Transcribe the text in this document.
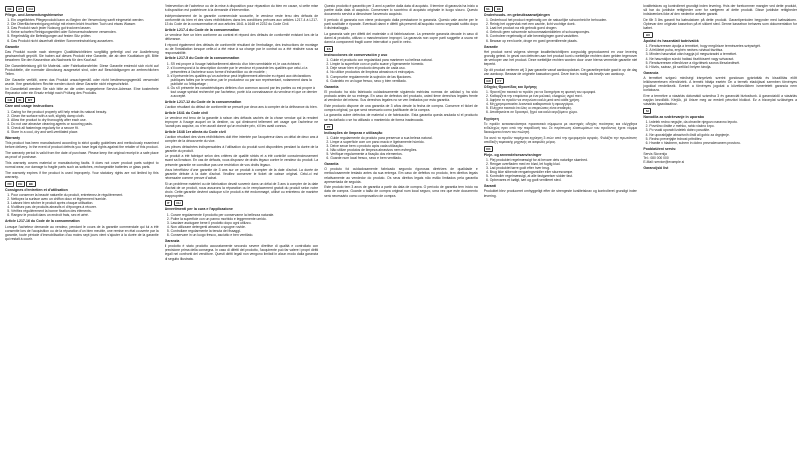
DE	AT	CH
Pflege- und Anwendungshinweise
1. Ein ungefärbtes Pflegeprodukt kann zu Beginn der Verwendung sanft eingesetzt werden.
2. Die Oberflächenreinigung erfolgt mit einem leicht feuchten Tuch und etwas Wasser.
3. Das Produkt nach jeder Nutzung gut trocknen lassen.
4. Keine scharfen Reinigungsmittel oder Scheuerschwämme verwenden.
5. Regelmäßig die Befestigungen auf festen Sitz prüfen.
6. Das Produkt nicht dauerhaft direkter Sonneneinstrahlung aussetzen.
Garantie

Das Produkt wurde nach strengen Qualitätsrichtlinien sorgfältig gefertigt und vor Auslieferung gewissenhaft geprüft. Sie haben auf dieses Produkt eine Garantie, die ab dem Kaufdatum gilt. Bitte bewahren Sie den Kassenbon als Nachweis für den Kauf auf.

Die Garantieleistung gilt für Material- oder Fabrikationsfehler. Diese Garantie erstreckt sich nicht auf Produktteile, die normaler Abnutzung ausgesetzt sind, oder auf Beschädigungen an zerbrechlichen Teilen.

Die Garantie verfällt, wenn das Produkt unsachgemäß oder nicht bestimmungsgemäß verwendet wurde. Ihre gesetzlichen Rechte werden durch diese Garantie nicht eingeschränkt.

Im Garantiefall wenden Sie sich bitte an die unten angegebene Service-Adresse. Eine kostenfreie Reparatur oder ein Ersatz erfolgt nach Prüfung des Produkts.

GB	IE	MT
Care and usage instructions
1. Caring for the product properly will help retain its natural beauty.
2. Clean the surface with a soft, slightly damp cloth.
3. Allow the product to dry thoroughly after each use.
4. Do not use abrasive cleaning agents or scouring pads.
5. Check all fastenings regularly for a secure fit.
6. Store in a cool, dry and well-ventilated place.
Warranty

This product has been manufactured according to strict quality guidelines and meticulously examined before delivery. In the event of product defects you have legal rights against the retailer of this product.

The warranty period is valid from the date of purchase. Please keep the original receipt in a safe place as proof of purchase.

This warranty covers material or manufacturing faults. It does not cover product parts subject to normal wear, nor damage to fragile parts such as switches, rechargeable batteries or glass parts.

The warranty expires if the product is used improperly. Your statutory rights are not limited by this warranty.

FR	CH	BE
Consignes d'entretien et d'utilisation
1. Pour conserver la beauté naturelle du produit, entretenez-le régulièrement.
2. Nettoyez la surface avec un chiffon doux et légèrement humide.
3. Laissez bien sécher le produit après chaque utilisation.
4. N'utilisez pas de produits abrasifs ni d'éponges à récurer.
5. Vérifiez régulièrement la bonne fixation des éléments.
6. Rangez le produit dans un endroit frais, sec et aéré.
Article L217-16 du Code de la consommation

Lorsque l'acheteur demande au vendeur, pendant le cours de la garantie commerciale qui lui a été consentie lors de l'acquisition ou de la réparation d'un bien meuble, une remise en état couverte par la garantie, toute période d'immobilisation d'au moins sept jours vient s'ajouter à la durée de la garantie qui restait à courir.

l'intervention de l'acheteur ou de la mise à disposition pour réparation du bien en cause, si cette mise à disposition est postérieure à la demande d'intervention.

Indépendamment de la garantie commerciale souscrite, le vendeur reste tenu des défauts de conformité du bien et des vices rédhibitoires dans les conditions prévues aux articles L217-4 à L217-13 du Code de la consommation et aux articles 1641 à 1648 et 2232 du Code Civil.

Article L217-4 du Code de la consommation

Le vendeur livre un bien conforme au contrat et répond des défauts de conformité existant lors de la délivrance.

Il répond également des défauts de conformité résultant de l'emballage, des instructions de montage ou de l'installation lorsque celle-ci a été mise à sa charge par le contrat ou a été réalisée sous sa responsabilité.

Article L217-5 du Code de la consommation
1. S'il est propre à l'usage habituellement attendu d'un bien semblable et, le cas échéant :
2. s'il correspond à la description donnée par le vendeur et possède les qualités que celui-ci a présentées à l'acheteur sous forme d'échantillon ou de modèle ;
3. s'il présente les qualités qu'un acheteur peut légitimement attendre eu égard aux déclarations publiques faites par le vendeur, par le producteur ou par son représentant, notamment dans la publicité ou l'étiquetage ;
4. Ou s'il présente les caractéristiques définies d'un commun accord par les parties ou est propre à tout usage spécial recherché par l'acheteur, porté à la connaissance du vendeur et que ce dernier a accepté.
Article L217-12 du Code de la consommation

L'action résultant du défaut de conformité se prescrit par deux ans à compter de la délivrance du bien.

Article 1641 du Code civil

Le vendeur est tenu de la garantie à raison des défauts cachés de la chose vendue qui la rendent impropre à l'usage auquel on la destine, ou qui diminuent tellement cet usage que l'acheteur ne l'aurait pas acquise, ou n'en aurait donné qu'un moindre prix, s'il les avait connus.

Article 1648 1er alinéa du Code civil

L'action résultant des vices rédhibitoires doit être intentée par l'acquéreur dans un délai de deux ans à compter de la découverte du vice.

Les pièces détachées indispensables à l'utilisation du produit sont disponibles pendant la durée de la garantie du produit.

Le produit a été fabriqué selon des critères de qualité stricts et a été contrôlé consciencieusement avant sa livraison. En cas de défauts, vous disposez de droits légaux contre le vendeur du produit. La présente garantie ne constitue pas une restriction de vos droits légaux.

Vous bénéficiez d'une garantie de 3 ans sur ce produit à compter de la date d'achat. La durée de garantie débute à la date d'achat. Veuillez conserver le ticket de caisse original. Celui-ci est nécessaire comme preuve d'achat.

Si un problème matériel ou de fabrication devait survenir dans un délai de 3 ans à compter de la date d'achat de ce produit, nous assurons la réparation ou le remplacement gratuit du produit selon notre choix. Cette garantie devient caduque si le produit a été endommagé, utilisé ou entretenu de manière inappropriée.

IT	CH
Avvertimenti per la cura e l'applicazione
1. Curare regolarmente il prodotto per conservarne la bellezza naturale.
2. Pulire la superficie con un panno morbido e leggermente umido.
3. Lasciare asciugare bene il prodotto dopo ogni utilizzo.
4. Non utilizzare detergenti abrasivi o spugne ruvide.
5. Controllare regolarmente la tenuta dei fissaggi.
6. Conservare in un luogo fresco, asciutto e ben ventilato.
Garanzia

Il prodotto è stato prodotto accuratamente secondo severe direttive di qualità e controllato con precisione prima della consegna. In caso di difetti del prodotto, l'acquirente può far valere i propri diritti legali nei confronti del venditore. Questi diritti legali non vengono limitati in alcun modo dalla garanzia di seguito illustrata.

Questo prodotto è garantito per 3 anni a partire dalla data di acquisto. Il termine di garanzia ha inizio a partire dalla data di acquisto. Conservare lo scontrino di acquisto originale in luogo sicuro. Questo documento servirà a dimostrare l'avvenuto acquisto.

Il periodo di garanzia non viene prolungato dalla prestazione in garanzia. Questo vale anche per le parti sostituite e riparate. Eventuali danni e difetti già presenti all'acquisto vanno segnalati subito dopo il disimballaggio.

La garanzia vale per difetti del materiale o di fabbricazione. La presente garanzia decade in caso di danni al prodotto, utilizzo o manutenzione impropri. La garanzia non copre parti soggette a usura né danni a componenti fragili come interruttori o parti in vetro.

ES
Instrucciones de conservación y uso
1. Cuide el producto con regularidad para mantener su belleza natural.
2. Limpie la superficie con un paño suave y ligeramente húmedo.
3. Deje secar bien el producto después de cada uso.
4. No utilice productos de limpieza abrasivos ni estropajos.
5. Compruebe regularmente la sujeción de las fijaciones.
6. Guárdelo en un lugar fresco, seco y bien ventilado.
Garantía

El producto ha sido fabricado cuidadosamente siguiendo estrictas normas de calidad y ha sido probado antes de su entrega. En caso de defectos del producto, usted tiene derechos legales frente al vendedor del mismo. Sus derechos legales no se ven limitados por esta garantía.

Este producto dispone de una garantía de 3 años desde la fecha de compra. Conserve el ticket de compra original, ya que será necesario como justificante de la compra.

La garantía cubre defectos de material o de fabricación. Esta garantía queda anulada si el producto se ha dañado o se ha utilizado o mantenido de forma inadecuada.

PT
Indicações de limpeza e utilização
1. Cuide regularmente do produto para preservar a sua beleza natural.
2. Limpe a superfície com um pano macio e ligeiramente húmido.
3. Deixe secar bem o produto após cada utilização.
4. Não utilize produtos de limpeza abrasivos nem esfregões.
5. Verifique regularmente a fixação dos elementos.
6. Guarde num local fresco, seco e bem ventilado.
Garantia

O produto foi cuidadosamente fabricado segundo rigorosas diretrizes de qualidade e meticulosamente testado antes da sua entrega. Em caso de defeitos no produto, tem direitos legais relativamente ao vendedor do produto. Os seus direitos legais não estão limitados pela garantia apresentada de seguida.

Este produto tem 3 anos de garantia a partir da data de compra. O período de garantia tem início na data de compra. Guarde o talão de compra original num local seguro, uma vez que este documento será necessário como comprovativo de compra.

NL	BE
Onderhouds- en gebruiksaanwijzingen
1. Onderhoud het product regelmatig om de natuurlijke schoonheid te behouden.
2. Reinig het oppervlak met een zachte, licht vochtige doek.
3. Laat het product na elk gebruik goed drogen.
4. Gebruik geen schurende schoonmaakmiddelen of schuursponsjes.
5. Controleer regelmatig of alle bevestigingen goed vastzitten.
6. Bewaar op een koele, droge en goed geventileerde plaats.
Garantie

Het product werd volgens strenge kwaliteitsrichtlijnen zorgvuldig geproduceerd en voor levering grondig getest. In geval van defecten aan het product kunt u wettelijke rechten doen gelden tegenover de verkoper van het product. Deze wettelijke rechten worden door onze hierna vermelde garantie niet beperkt.

Op dit product verlenen wij 3 jaar garantie vanaf aankoopdatum. De garantieperiode gaat in op de dag van aankoop. Bewaar de originele kassabon goed. Deze bon is nodig als bewijs van aankoop.

GR	CY
Οδηγίες Φροντίδας και Χρήσης
1. Φροντίζετε τακτικά το προϊόν για να διατηρήσει τη φυσική του ομορφιά.
2. Καθαρίζετε την επιφάνεια με ένα μαλακό, ελαφρώς υγρό πανί.
3. Αφήστε το προϊόν να στεγνώσει καλά μετά από κάθε χρήση.
4. Μη χρησιμοποιείτε λειαντικά καθαριστικά ή σφουγγάρια.
5. Ελέγχετε τακτικά ότι όλες οι στερεώσεις είναι σταθερές.
6. Αποθηκεύετε σε δροσερό, ξηρό και καλά αεριζόμενο χώρο.
Εγγύηση

Το προϊόν κατασκευάστηκε προσεκτικά σύμφωνα με αυστηρές οδηγίες ποιότητας και ελέγχθηκε ενδελεχώς πριν από την παράδοσή του. Σε περίπτωση ελαττωμάτων του προϊόντος έχετε νόμιμα δικαιώματα έναντι του πωλητή.

Για αυτό το προϊόν παρέχεται εγγύηση 3 ετών από την ημερομηνία αγοράς. Φυλάξτε την πρωτότυπη απόδειξη ταμειακής μηχανής σε ασφαλές μέρος.

DK
Pleje- og anvendelsesanvisninger
1. Plej produktet regelmæssigt for at bevare dets naturlige skønhed.
2. Rengør overfladen med en blød, let fugtig klud.
3. Lad produktet tørre godt efter hver brug.
4. Brug ikke slibende rengøringsmidler eller skuresvampe.
5. Kontrollér regelmæssigt, at alle fastgørelser sidder fast.
6. Opbevares et køligt, tørt og godt ventileret sted.
Garanti

Produktet blev produceret omhyggeligt efter de strengeste kvalitetskrav og kontrolleret grundigt inden levering.

kvalitetskrav og kontrolleret grundigt inden levering. Hvis der forekommer mangler ved dette produkt, så har du juridiske rettigheder over for sælgeren af dette produkt. Disse juridiske rettigheder indskrænkes ikke af den nedenfor anførte garanti.

De får 3 års garanti fra købsdatoen på dette produkt. Garantiperioden begynder med købsdatoen. Opbevar den originale kassebon på et sikkert sted. Denne kassebon behøves som dokumentation for købet.

HU
Ápolási és használati tudnivalók
1. Rendszeresen ápolja a terméket, hogy megőrizze természetes szépségét.
2. A felületet puha, enyhén nedves ruhával tisztítsa.
3. Minden használat után hagyja jól megszáradni a terméket.
4. Ne használjon súroló hatású tisztítószert vagy szivacsot.
5. Rendszeresen ellenőrizze a rögzítések szoros illeszkedését.
6. Hűvös, száraz, jól szellőző helyen tárolja.
Garancia

A terméket szigorú minőségi irányelvek szerint gondosan gyártották és kiszállítás előtt lelkiismeretesen ellenőrizték. A termék hibája esetén Ön a termék eladójával szemben törvényes jogokkal rendelkezik. Ezeket a törvényes jogokat a következőkben ismertetett garancia nem korlátozza.

Erre a termékre a vásárlás dátumától számítva 3 év garanciát biztosítunk. A garanciaidő a vásárlás napján kezdődik. Kérjük, jól őrizze meg az eredeti pénztári blokkot. Ez a bizonylat szükséges a vásárlás igazolásához.

SI
Navodila za vzdrževanje in uporabo
1. Izdelek redno negujte, da ohranite njegovo naravno lepoto.
2. Površino čistite z mehko, rahlo vlažno krpo.
3. Po vsaki uporabi izdelek dobro posušite.
4. Ne uporabljajte abrazivnih čistil ali gobic za drgnjenje.
5. Redno preverjajte trdnost pritrditev.
6. Hranite v hladnem, suhem in dobro prezračevanem prostoru.
Pooblaščeni servis:
Servis Slovenija
Tel.: 080 000 000
E-Mail: service@example.si
Garancijski list
